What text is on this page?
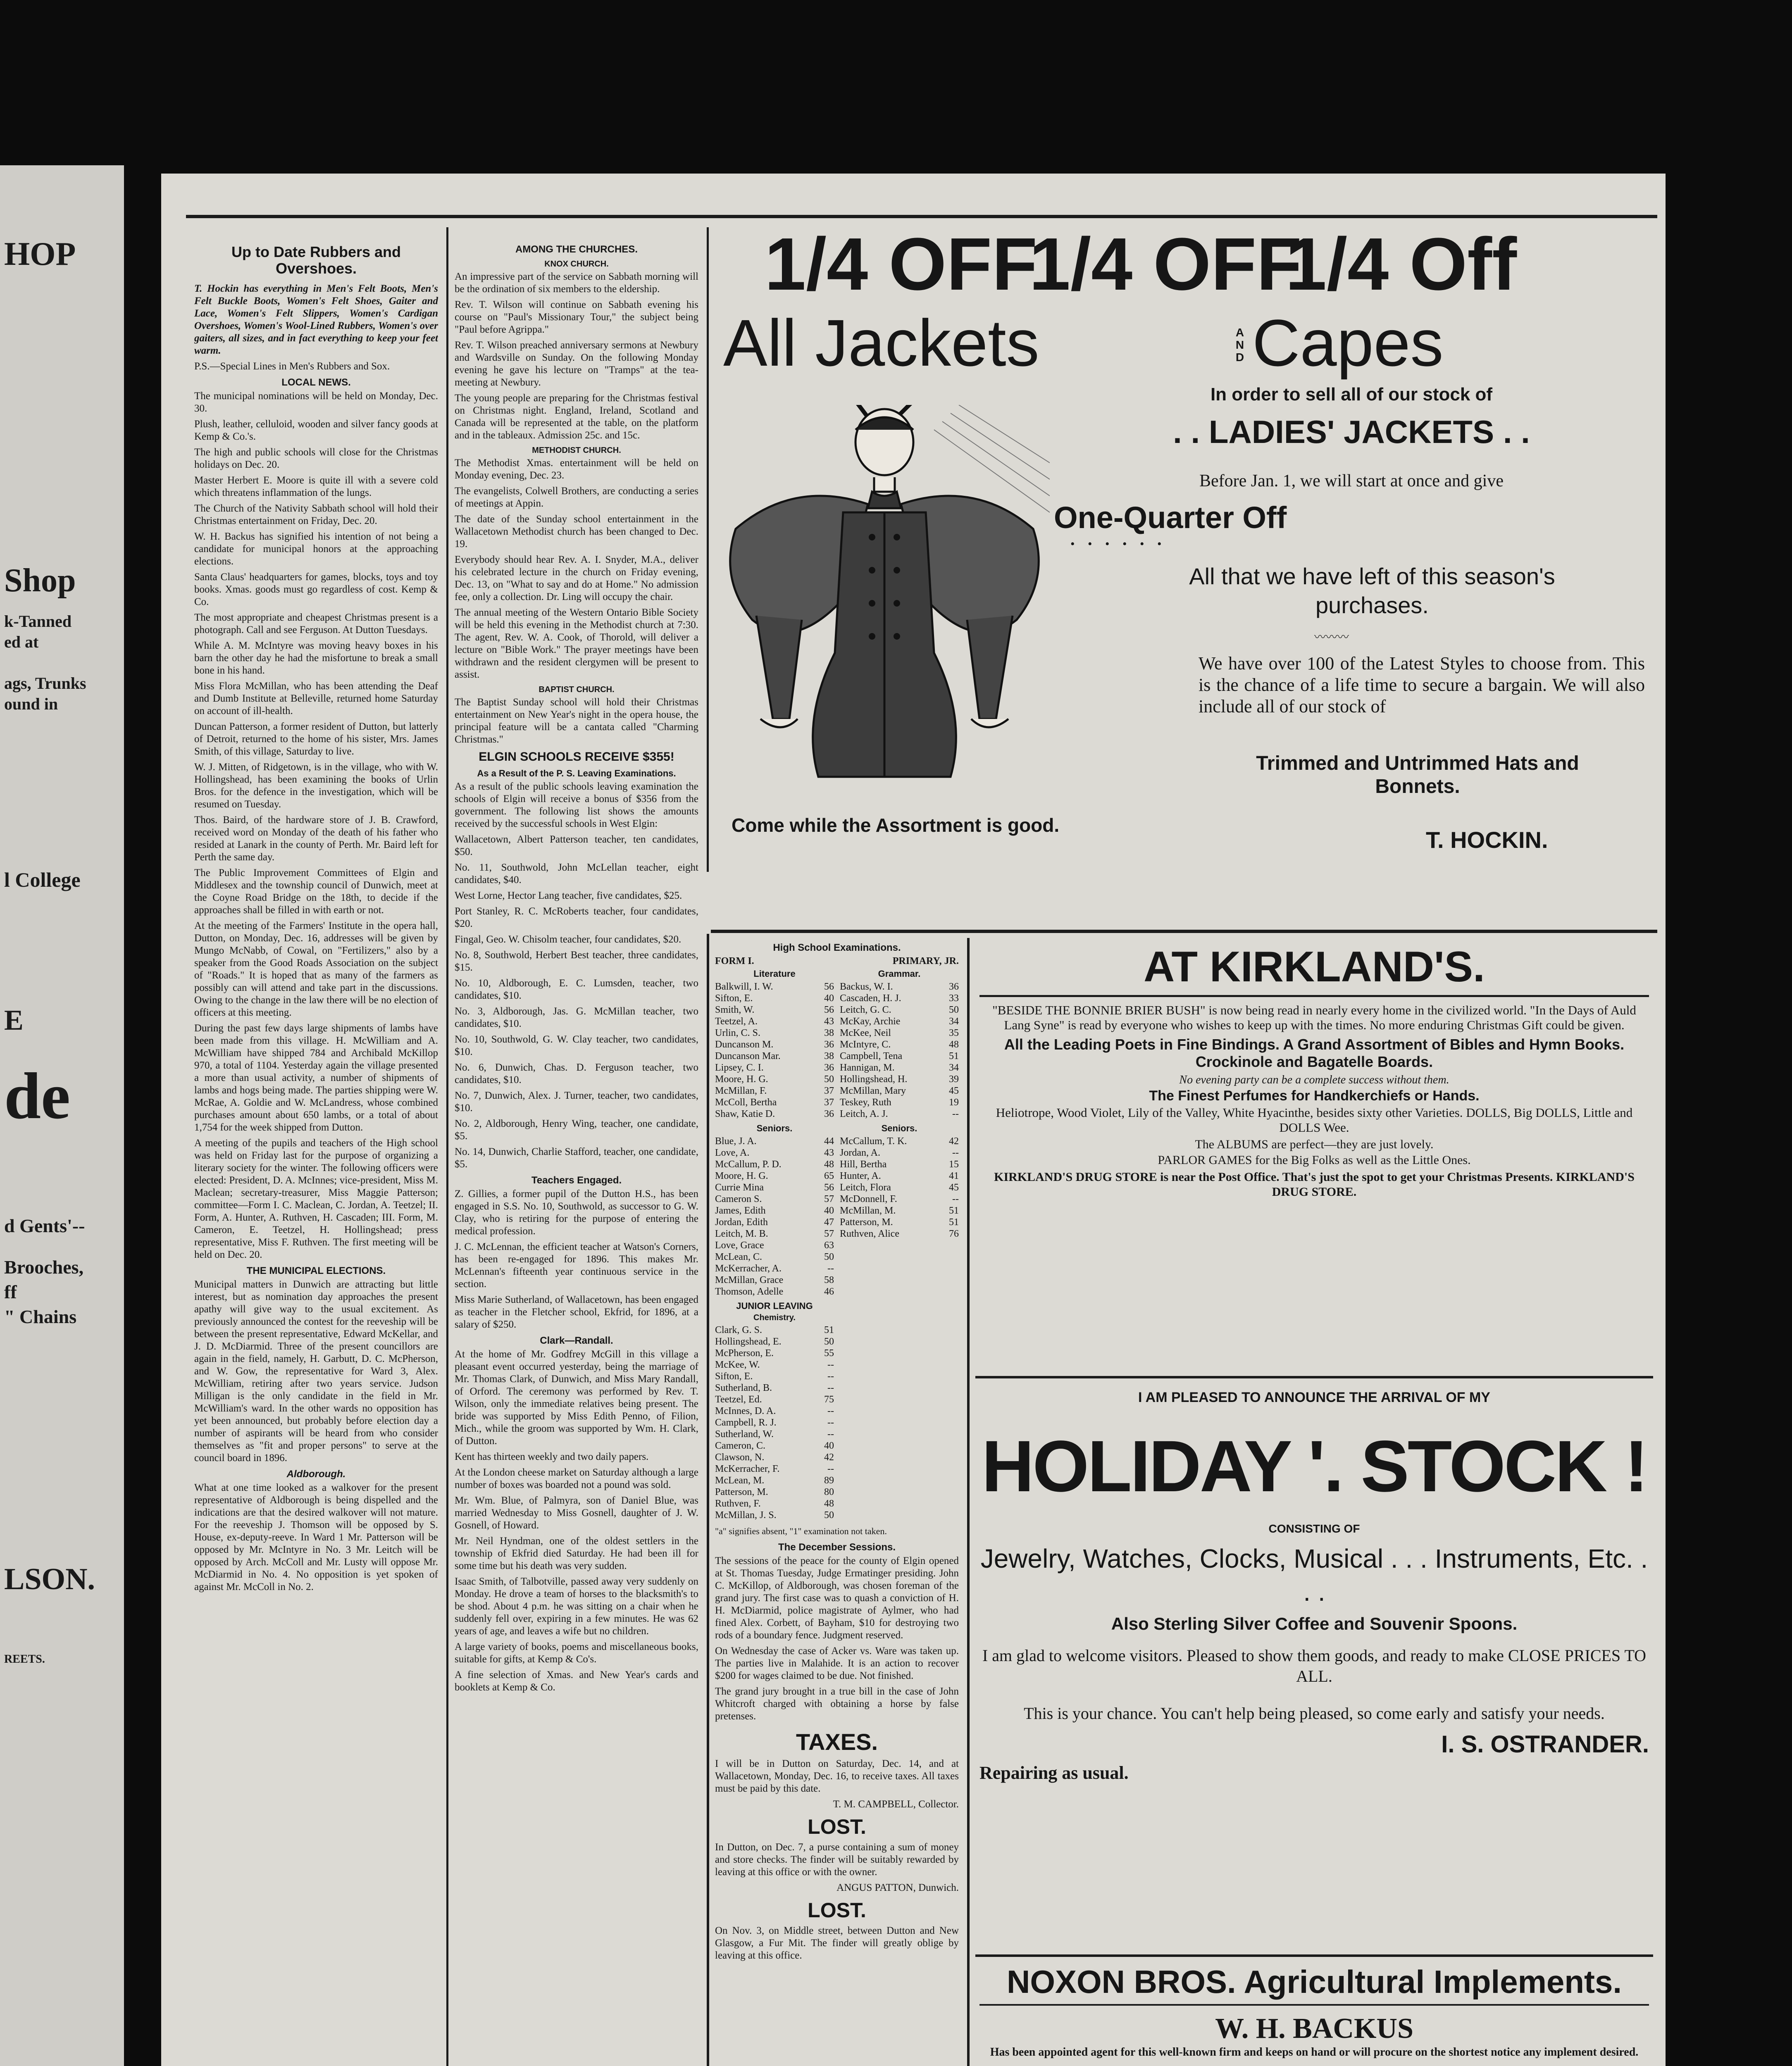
HOP
Shop
k-Tanned
ed at
ags, Trunks
ound in
l College
E
de
d Gents'--
Brooches,
ff
" Chains
LSON.
REETS.
Up to Date Rubbers and Overshoes.

T. Hockin has everything in Men's Felt Boots, Men's Felt Buckle Boots, Women's Felt Shoes, Gaiter and Lace, Women's Felt Slippers, Women's Cardigan Overshoes, Women's Wool-Lined Rubbers, Women's over gaiters, all sizes, and in fact everything to keep your feet warm.

P.S.—Special Lines in Men's Rubbers and Sox.

LOCAL NEWS.

The municipal nominations will be held on Monday, Dec. 30.

Plush, leather, celluloid, wooden and silver fancy goods at Kemp & Co.'s.

The high and public schools will close for the Christmas holidays on Dec. 20.

Master Herbert E. Moore is quite ill with a severe cold which threatens inflammation of the lungs.

The Church of the Nativity Sabbath school will hold their Christmas entertainment on Friday, Dec. 20.

W. H. Backus has signified his intention of not being a candidate for municipal honors at the approaching elections.

Santa Claus' headquarters for games, blocks, toys and toy books. Xmas. goods must go regardless of cost. Kemp & Co.

The most appropriate and cheapest Christmas present is a photograph. Call and see Ferguson. At Dutton Tuesdays.

While A. M. McIntyre was moving heavy boxes in his barn the other day he had the misfortune to break a small bone in his hand.

Miss Flora McMillan, who has been attending the Deaf and Dumb Institute at Belleville, returned home Saturday on account of ill-health.

Duncan Patterson, a former resident of Dutton, but latterly of Detroit, returned to the home of his sister, Mrs. James Smith, of this village, Saturday to live.

W. J. Mitten, of Ridgetown, is in the village, who with W. Hollingshead, has been examining the books of Urlin Bros. for the defence in the investigation, which will be resumed on Tuesday.

Thos. Baird, of the hardware store of J. B. Crawford, received word on Monday of the death of his father who resided at Lanark in the county of Perth. Mr. Baird left for Perth the same day.

The Public Improvement Committees of Elgin and Middlesex and the township council of Dunwich, meet at the Coyne Road Bridge on the 18th, to decide if the approaches shall be filled in with earth or not.

At the meeting of the Farmers' Institute in the opera hall, Dutton, on Monday, Dec. 16, addresses will be given by Mungo McNabb, of Cowal, on "Fertilizers," also by a speaker from the Good Roads Association on the subject of "Roads." It is hoped that as many of the farmers as possibly can will attend and take part in the discussions. Owing to the change in the law there will be no election of officers at this meeting.

During the past few days large shipments of lambs have been made from this village. H. McWilliam and A. McWilliam have shipped 784 and Archibald McKillop 970, a total of 1104. Yesterday again the village presented a more than usual activity, a number of shipments of lambs and hogs being made. The parties shipping were W. McRae, A. Goldie and W. McLandress, whose combined purchases amount about 650 lambs, or a total of about 1,754 for the week shipped from Dutton.

A meeting of the pupils and teachers of the High school was held on Friday last for the purpose of organizing a literary society for the winter. The following officers were elected: President, D. A. McInnes; vice-president, Miss M. Maclean; secretary-treasurer, Miss Maggie Patterson; committee—Form I. C. Maclean, C. Jordan, A. Teetzel; II. Form, A. Hunter, A. Ruthven, H. Cascaden; III. Form, M. Cameron, E. Teetzel, H. Hollingshead; press representative, Miss F. Ruthven. The first meeting will be held on Dec. 20.

THE MUNICIPAL ELECTIONS.

Municipal matters in Dunwich are attracting but little interest, but as nomination day approaches the present apathy will give way to the usual excitement. As previously announced the contest for the reeveship will be between the present representative, Edward McKellar, and J. D. McDiarmid. Three of the present councillors are again in the field, namely, H. Garbutt, D. C. McPherson, and W. Gow, the representative for Ward 3, Alex. McWilliam, retiring after two years service. Judson Milligan is the only candidate in the field in Mr. McWilliam's ward. In the other wards no opposition has yet been announced, but probably before election day a number of aspirants will be heard from who consider themselves as "fit and proper persons" to serve at the council board in 1896.

Aldborough.

What at one time looked as a walkover for the present representative of Aldborough is being dispelled and the indications are that the desired walkover will not mature. For the reeveship J. Thomson will be opposed by S. House, ex-deputy-reeve. In Ward 1 Mr. Patterson will be opposed by Mr. McIntyre in No. 3 Mr. Leitch will be opposed by Arch. McColl and Mr. Lusty will oppose Mr. McDiarmid in No. 4. No opposition is yet spoken of against Mr. McColl in No. 2.

AMONG THE CHURCHES.
KNOX CHURCH.

An impressive part of the service on Sabbath morning will be the ordination of six members to the eldership.

Rev. T. Wilson will continue on Sabbath evening his course on "Paul's Missionary Tour," the subject being "Paul before Agrippa."

Rev. T. Wilson preached anniversary sermons at Newbury and Wardsville on Sunday. On the following Monday evening he gave his lecture on "Tramps" at the tea-meeting at Newbury.

The young people are preparing for the Christmas festival on Christmas night. England, Ireland, Scotland and Canada will be represented at the table, on the platform and in the tableaux. Admission 25c. and 15c.

METHODIST CHURCH.

The Methodist Xmas. entertainment will be held on Monday evening, Dec. 23.

The evangelists, Colwell Brothers, are conducting a series of meetings at Appin.

The date of the Sunday school entertainment in the Wallacetown Methodist church has been changed to Dec. 19.

Everybody should hear Rev. A. I. Snyder, M.A., deliver his celebrated lecture in the church on Friday evening, Dec. 13, on "What to say and do at Home." No admission fee, only a collection. Dr. Ling will occupy the chair.

The annual meeting of the Western Ontario Bible Society will be held this evening in the Methodist church at 7:30. The agent, Rev. W. A. Cook, of Thorold, will deliver a lecture on "Bible Work." The prayer meetings have been withdrawn and the resident clergymen will be present to assist.

BAPTIST CHURCH.

The Baptist Sunday school will hold their Christmas entertainment on New Year's night in the opera house, the principal feature will be a cantata called "Charming Christmas."

ELGIN SCHOOLS RECEIVE $355!
As a Result of the P. S. Leaving Examinations.

As a result of the public schools leaving examination the schools of Elgin will receive a bonus of $356 from the government. The following list shows the amounts received by the successful schools in West Elgin:

Wallacetown, Albert Patterson teacher, ten candidates, $50.

No. 11, Southwold, John McLellan teacher, eight candidates, $40.

West Lorne, Hector Lang teacher, five candidates, $25.

Port Stanley, R. C. McRoberts teacher, four candidates, $20.

Fingal, Geo. W. Chisolm teacher, four candidates, $20.

No. 8, Southwold, Herbert Best teacher, three candidates, $15.

No. 10, Aldborough, E. C. Lumsden, teacher, two candidates, $10.

No. 3, Aldborough, Jas. G. McMillan teacher, two candidates, $10.

No. 10, Southwold, G. W. Clay teacher, two candidates, $10.

No. 6, Dunwich, Chas. D. Ferguson teacher, two candidates, $10.

No. 7, Dunwich, Alex. J. Turner, teacher, two candidates, $10.

No. 2, Aldborough, Henry Wing, teacher, one candidate, $5.

No. 14, Dunwich, Charlie Stafford, teacher, one candidate, $5.

Teachers Engaged.

Z. Gillies, a former pupil of the Dutton H.S., has been engaged in S.S. No. 10, Southwold, as successor to G. W. Clay, who is retiring for the purpose of entering the medical profession.

J. C. McLennan, the efficient teacher at Watson's Corners, has been re-engaged for 1896. This makes Mr. McLennan's fifteenth year continuous service in the section.

Miss Marie Sutherland, of Wallacetown, has been engaged as teacher in the Fletcher school, Ekfrid, for 1896, at a salary of $250.

Clark—Randall.

At the home of Mr. Godfrey McGill in this village a pleasant event occurred yesterday, being the marriage of Mr. Thomas Clark, of Dunwich, and Miss Mary Randall, of Orford. The ceremony was performed by Rev. T. Wilson, only the immediate relatives being present. The bride was supported by Miss Edith Penno, of Filion, Mich., while the groom was supported by Wm. H. Clark, of Dutton.

Kent has thirteen weekly and two daily papers.

At the London cheese market on Saturday although a large number of boxes was boarded not a pound was sold.

Mr. Wm. Blue, of Palmyra, son of Daniel Blue, was married Wednesday to Miss Gosnell, daughter of J. W. Gosnell, of Howard.

Mr. Neil Hyndman, one of the oldest settlers in the township of Ekfrid died Saturday. He had been ill for some time but his death was very sudden.

Isaac Smith, of Talbotville, passed away very suddenly on Monday. He drove a team of horses to the blacksmith's to be shod. About 4 p.m. he was sitting on a chair when he suddenly fell over, expiring in a few minutes. He was 62 years of age, and leaves a wife but no children.

A large variety of books, poems and miscellaneous books, suitable for gifts, at Kemp & Co's.

A fine selection of Xmas. and New Year's cards and booklets at Kemp & Co.

1/4 OFF
1/4 OFF
1/4 Off
All Jackets	AND Capes
In order to sell all of our stock of
. . LADIES' JACKETS . .
Before Jan. 1, we will start at once and give
One-Quarter Off
• • • • • •
All that we have left of this season's purchases.
〰〰〰
We have over 100 of the Latest Styles to choose from. This is the chance of a life time to secure a bargain. We will also include all of our stock of
Trimmed and Untrimmed Hats and Bonnets.
Come while the Assortment is good.
T. HOCKIN.
High School Examinations.
FORM I.	PRIMARY, JR.
Literature
Balkwill, I. W.	56
Sifton, E.	40
Smith, W.	56
Teetzel, A.	43
Urlin, C. S.	38
Duncanson M.	36
Duncanson Mar.	38
Lipsey, C. I.	36
Moore, H. G.	50
McMillan, F.	37
McColl, Bertha	37
Shaw, Katie D.	36
Seniors.
Blue, J. A.	44
Love, A.	43
McCallum, P. D.	48
Moore, H. G.	65
Currie Mina	56
Cameron S.	57
James, Edith	40
Jordan, Edith	47
Leitch, M. B.	57
Love, Grace	63
McLean, C.	50
McKerracher, A.	--
McMillan, Grace	58
Thomson, Adelle	46
JUNIOR LEAVING
Chemistry.
Clark, G. S.	51
Hollingshead, E.	50
McPherson, E.	55
McKee, W.	--
Sifton, E.	--
Sutherland, B.	--
Teetzel, Ed.	75
McInnes, D. A.	--
Campbell, R. J.	--
Sutherland, W.	--
Cameron, C.	40
Clawson, N.	42
McKerracher, F.	--
McLean, M.	89
Patterson, M.	80
Ruthven, F.	48
McMillan, J. S.	50
Grammar.
Backus, W. I.	36
Cascaden, H. J.	33
Leitch, G. C.	50
McKay, Archie	34
McKee, Neil	35
McIntyre, C.	48
Campbell, Tena	51
Hannigan, M.	34
Hollingshead, H.	39
McMillan, Mary	45
Teskey, Ruth	19
Leitch, A. J.	--
Seniors.
McCallum, T. K.	42
Jordan, A.	--
Hill, Bertha	15
Hunter, A.	41
Leitch, Flora	45
McDonnell, F.	--
McMillan, M.	51
Patterson, M.	51
Ruthven, Alice	76

"a" signifies absent, "1" examination not taken.

The December Sessions.

The sessions of the peace for the county of Elgin opened at St. Thomas Tuesday, Judge Ermatinger presiding. John C. McKillop, of Aldborough, was chosen foreman of the grand jury. The first case was to quash a conviction of H. H. McDiarmid, police magistrate of Aylmer, who had fined Alex. Corbett, of Bayham, $10 for destroying two rods of a boundary fence. Judgment reserved.

On Wednesday the case of Acker vs. Ware was taken up. The parties live in Malahide. It is an action to recover $200 for wages claimed to be due. Not finished.

The grand jury brought in a true bill in the case of John Whitcroft charged with obtaining a horse by false pretenses.

TAXES.

I will be in Dutton on Saturday, Dec. 14, and at Wallacetown, Monday, Dec. 16, to receive taxes. All taxes must be paid by this date.

T. M. CAMPBELL, Collector.

LOST.

In Dutton, on Dec. 7, a purse containing a sum of money and store checks. The finder will be suitably rewarded by leaving at this office or with the owner.

ANGUS PATTON, Dunwich.

LOST.

On Nov. 3, on Middle street, between Dutton and New Glasgow, a Fur Mit. The finder will greatly oblige by leaving at this office.

AT KIRKLAND'S.

"BESIDE THE BONNIE BRIER BUSH" is now being read in nearly every home in the civilized world. "In the Days of Auld Lang Syne" is read by everyone who wishes to keep up with the times. No more enduring Christmas Gift could be given.

All the Leading Poets in Fine Bindings. A Grand Assortment of Bibles and Hymn Books. Crockinole and Bagatelle Boards.

No evening party can be a complete success without them.

The Finest Perfumes for Handkerchiefs or Hands.

Heliotrope, Wood Violet, Lily of the Valley, White Hyacinthe, besides sixty other Varieties. DOLLS, Big DOLLS, Little and DOLLS Wee.

The ALBUMS are perfect—they are just lovely.

PARLOR GAMES for the Big Folks as well as the Little Ones.

KIRKLAND'S DRUG STORE is near the Post Office. That's just the spot to get your Christmas Presents. KIRKLAND'S DRUG STORE.

I AM PLEASED TO ANNOUNCE THE ARRIVAL OF MY
HOLIDAY '. STOCK !
CONSISTING OF
Jewelry, Watches, Clocks, Musical . . . Instruments, Etc. . . .
Also Sterling Silver Coffee and Souvenir Spoons.

I am glad to welcome visitors. Pleased to show them goods, and ready to make CLOSE PRICES TO ALL.

This is your chance. You can't help being pleased, so come early and satisfy your needs.

I. S. OSTRANDER.
Repairing as usual.
NOXON BROS. Agricultural Implements.
W. H. BACKUS

Has been appointed agent for this well-known firm and keeps on hand or will procure on the shortest notice any implement desired.
